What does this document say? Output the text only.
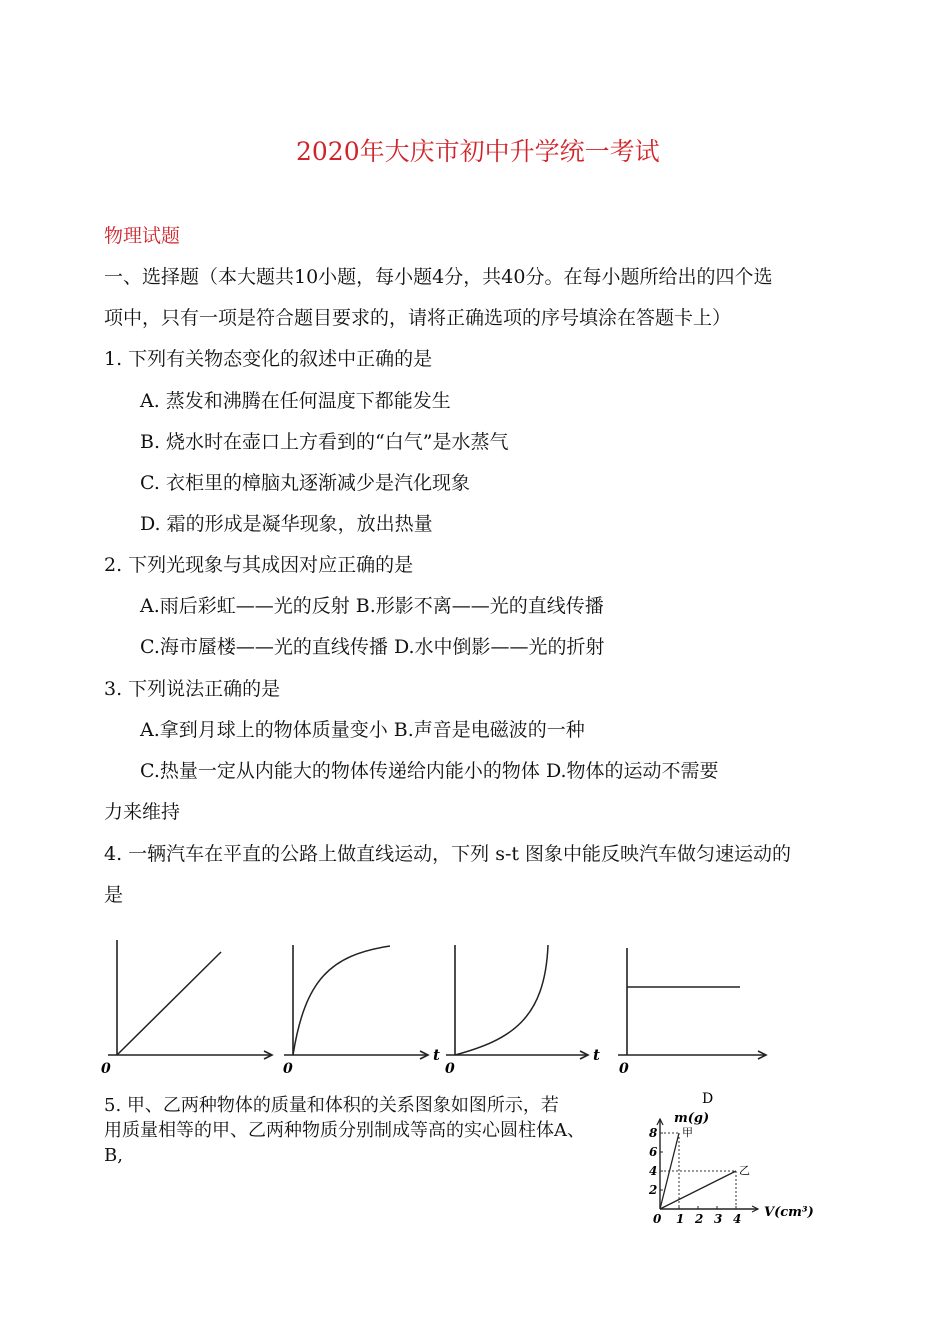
2020年大庆市初中升学统一考试
物理试题
一、选择题（本大题共10小题，每小题4分，共40分。在每小题所给出的四个选
项中，只有一项是符合题目要求的，请将正确选项的序号填涂在答题卡上）
1. 下列有关物态变化的叙述中正确的是
A. 蒸发和沸腾在任何温度下都能发生
B. 烧水时在壶口上方看到的“白气”是水蒸气
C. 衣柜里的樟脑丸逐渐减少是汽化现象
D. 霜的形成是凝华现象，放出热量
2. 下列光现象与其成因对应正确的是
A.雨后彩虹——光的反射 B.形影不离——光的直线传播
C.海市蜃楼——光的直线传播 D.水中倒影——光的折射
3. 下列说法正确的是
A.拿到月球上的物体质量变小 B.声音是电磁波的一种
C.热量一定从内能大的物体传递给内能小的物体 D.物体的运动不需要
力来维持
4. 一辆汽车在平直的公路上做直线运动，下列 s-t 图象中能反映汽车做匀速运动的
是
0	0
t
0
t
0
5. 甲、乙两种物体的质量和体积的关系图象如图所示，若
用质量相等的甲、乙两种物质分别制成等高的实心圆柱体A、
B,
D
m(g)
V(cm³)
0 1 2 3 4
2
4
6
8 甲
乙
